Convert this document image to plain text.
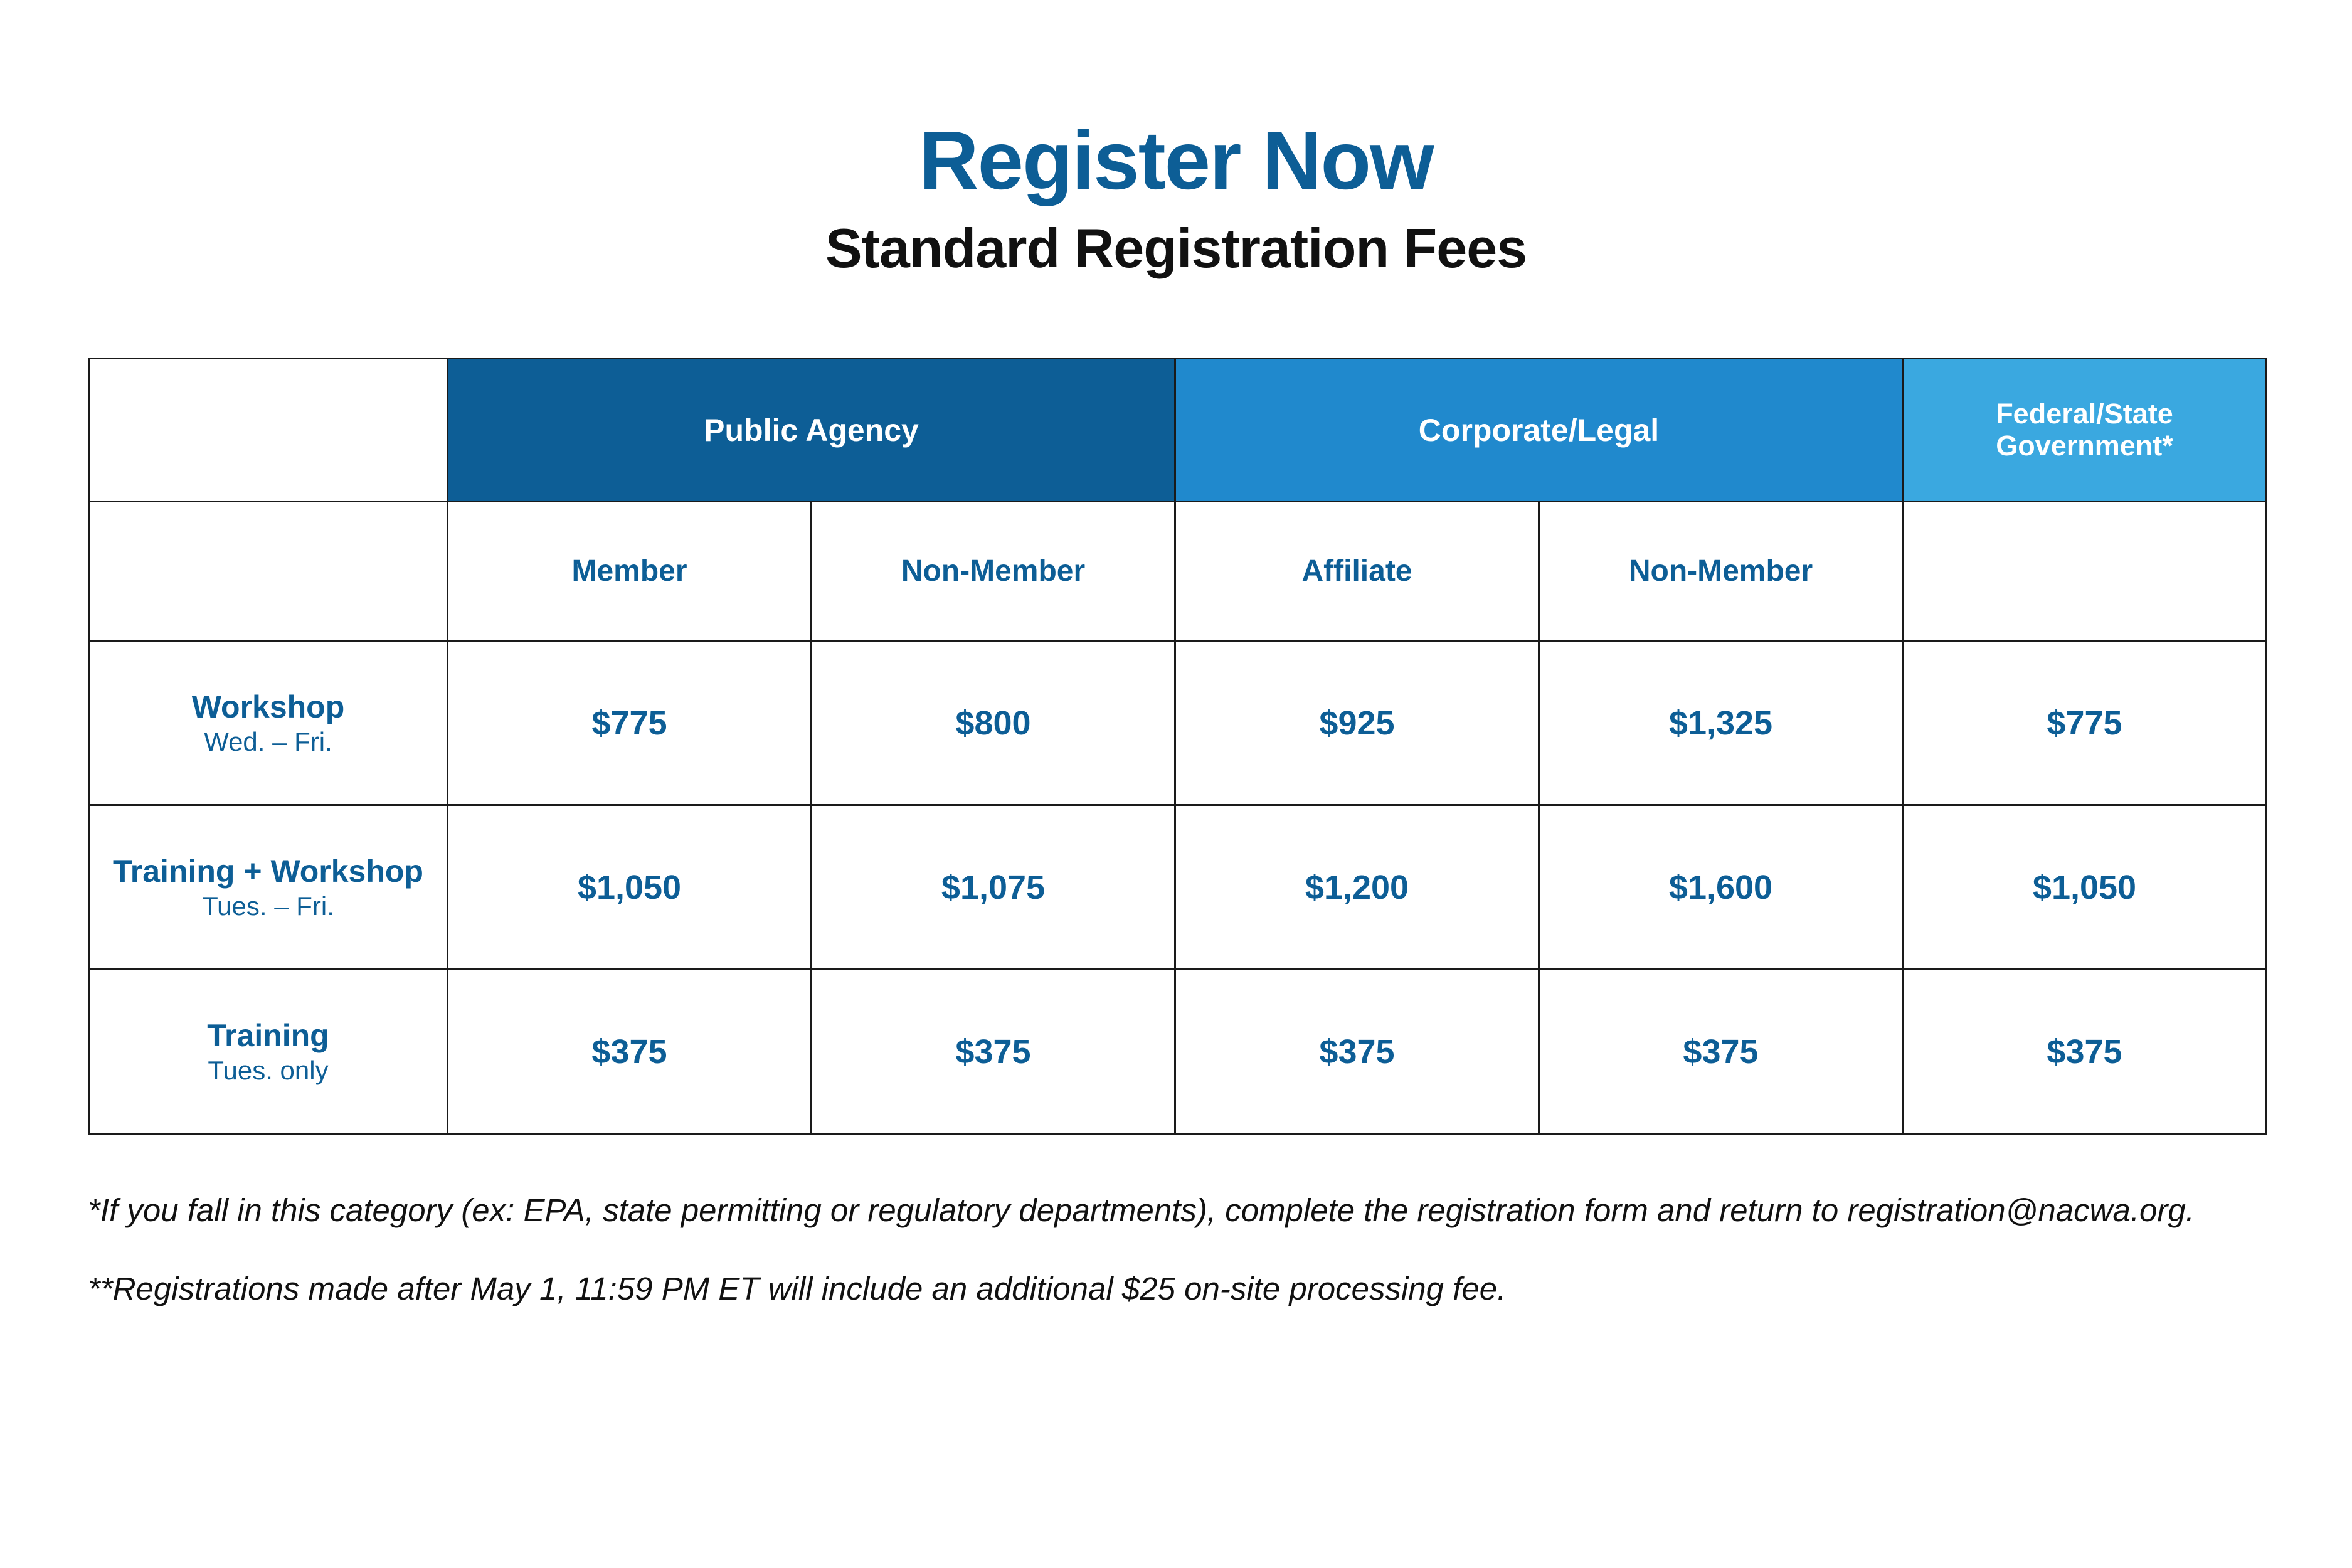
Register Now
Standard Registration Fees
	Public Agency		Corporate/Legal		Federal/State Government*
	Member	Non-Member	Affiliate	Non-Member	

Workshop
Wed. – Fri.	$775	$800	$925	$1,325	$775

Training + Workshop
Tues. – Fri.	$1,050	$1,075	$1,200	$1,600	$1,050

Training
Tues. only	$375	$375	$375	$375	$375

*If you fall in this category (ex: EPA, state permitting or regulatory departments), complete the registration form and return to registration@nacwa.org.

**Registrations made after May 1, 11:59 PM ET will include an additional $25 on-site processing fee.
